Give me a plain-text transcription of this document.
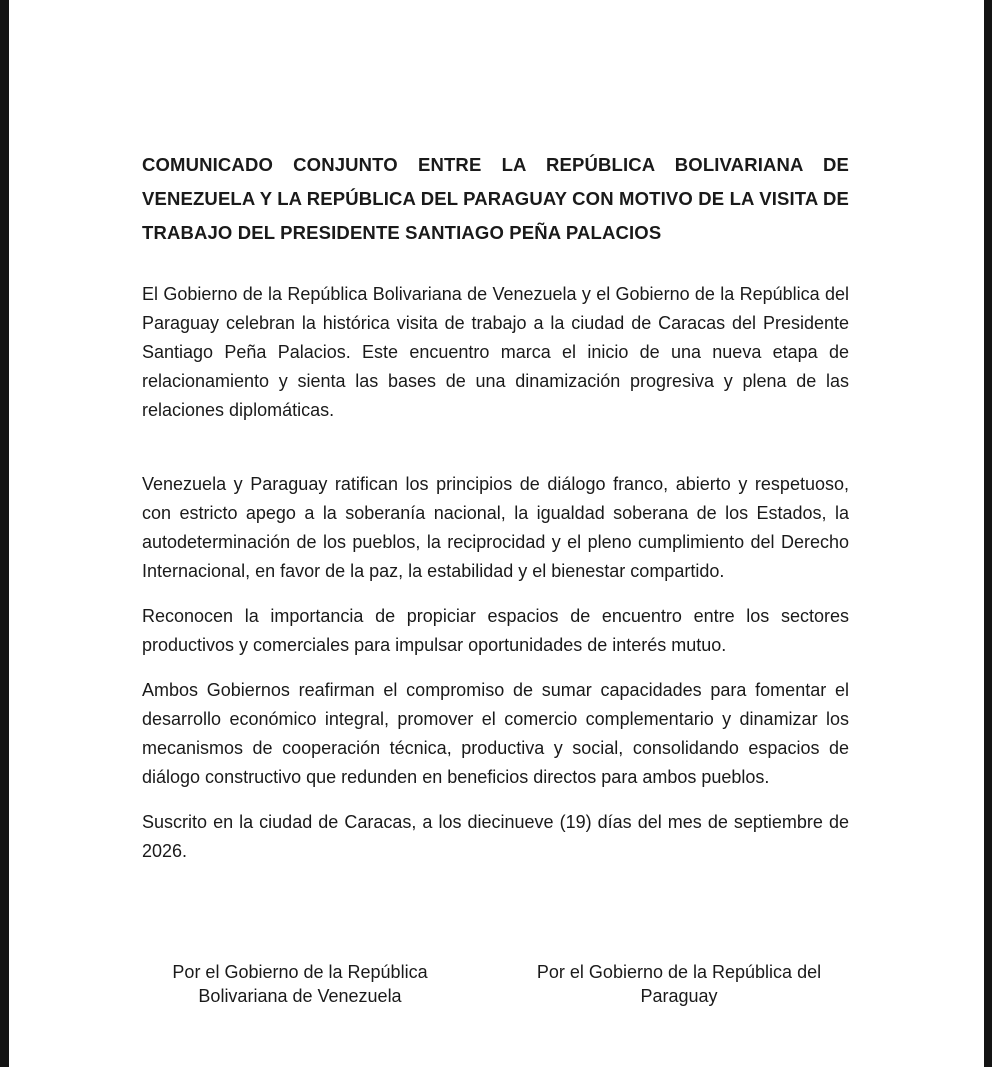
COMUNICADO CONJUNTO ENTRE LA REPÚBLICA BOLIVARIANA DE VENEZUELA Y LA REPÚBLICA DEL PARAGUAY CON MOTIVO DE LA VISITA DE TRABAJO DEL PRESIDENTE SANTIAGO PEÑA PALACIOS

El Gobierno de la República Bolivariana de Venezuela y el Gobierno de la República del Paraguay celebran la histórica visita de trabajo a la ciudad de Caracas del Presidente Santiago Peña Palacios. Este encuentro marca el inicio de una nueva etapa de relacionamiento y sienta las bases de una dinamización progresiva y plena de las relaciones diplomáticas.

Venezuela y Paraguay ratifican los principios de diálogo franco, abierto y respetuoso, con estricto apego a la soberanía nacional, la igualdad soberana de los Estados, la autodeterminación de los pueblos, la reciprocidad y el pleno cumplimiento del Derecho Internacional, en favor de la paz, la estabilidad y el bienestar compartido.

Reconocen la importancia de propiciar espacios de encuentro entre los sectores productivos y comerciales para impulsar oportunidades de interés mutuo.

Ambos Gobiernos reafirman el compromiso de sumar capacidades para fomentar el desarrollo económico integral, promover el comercio complementario y dinamizar los mecanismos de cooperación técnica, productiva y social, consolidando espacios de diálogo constructivo que redunden en beneficios directos para ambos pueblos.

Suscrito en la ciudad de Caracas, a los diecinueve (19) días del mes de septiembre de 2026.

Por el Gobierno de la República
Bolivariana de Venezuela
Por el Gobierno de la República del
Paraguay
